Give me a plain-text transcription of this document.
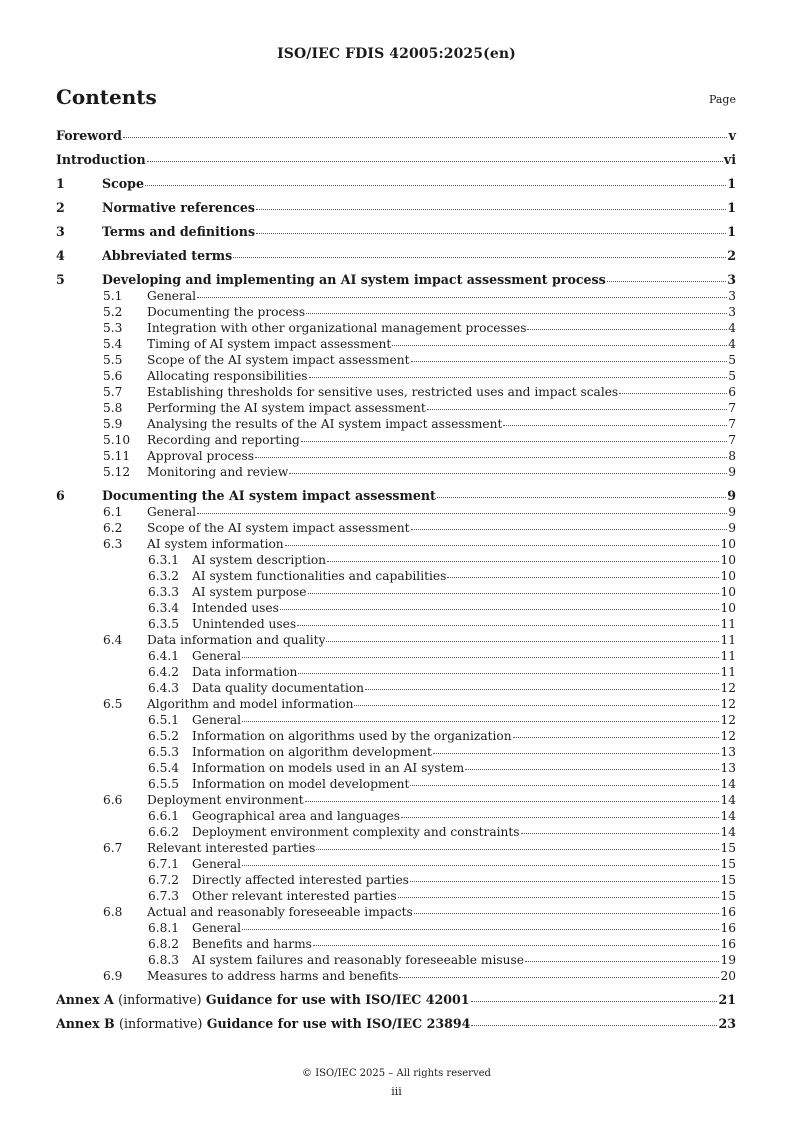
ISO/IEC FDIS 42005:2025(en)
Contents	Page
Foreword	v
Introduction	vi
1	Scope	1
2	Normative references	1
3	Terms and definitions	1
4	Abbreviated terms	2
5	Developing and implementing an AI system impact assessment process	3
5.1 General	3
5.2 Documenting the process	3
5.3 Integration with other organizational management processes	4
5.4 Timing of AI system impact assessment	4
5.5 Scope of the AI system impact assessment	5
5.6 Allocating responsibilities	5
5.7 Establishing thresholds for sensitive uses, restricted uses and impact scales	6
5.8 Performing the AI system impact assessment	7
5.9 Analysing the results of the AI system impact assessment	7
5.10 Recording and reporting	7
5.11 Approval process	8
5.12 Monitoring and review	9
6	Documenting the AI system impact assessment	9
6.1 General	9
6.2 Scope of the AI system impact assessment	9
6.3 AI system information	10
6.3.1 AI system description	10
6.3.2 AI system functionalities and capabilities	10
6.3.3 AI system purpose	10
6.3.4 Intended uses	10
6.3.5 Unintended uses	11
6.4 Data information and quality	11
6.4.1 General	11
6.4.2 Data information	11
6.4.3 Data quality documentation	12
6.5 Algorithm and model information	12
6.5.1 General	12
6.5.2 Information on algorithms used by the organization	12
6.5.3 Information on algorithm development	13
6.5.4 Information on models used in an AI system	13
6.5.5 Information on model development	14
6.6 Deployment environment	14
6.6.1 Geographical area and languages	14
6.6.2 Deployment environment complexity and constraints	14
6.7 Relevant interested parties	15
6.7.1 General	15
6.7.2 Directly affected interested parties	15
6.7.3 Other relevant interested parties	15
6.8 Actual and reasonably foreseeable impacts	16
6.8.1 General	16
6.8.2 Benefits and harms	16
6.8.3 AI system failures and reasonably foreseeable misuse	19
6.9 Measures to address harms and benefits	20
Annex A (informative) Guidance for use with ISO/IEC 42001	21
Annex B (informative) Guidance for use with ISO/IEC 23894	23
© ISO/IEC 2025 – All rights reserved
iii
